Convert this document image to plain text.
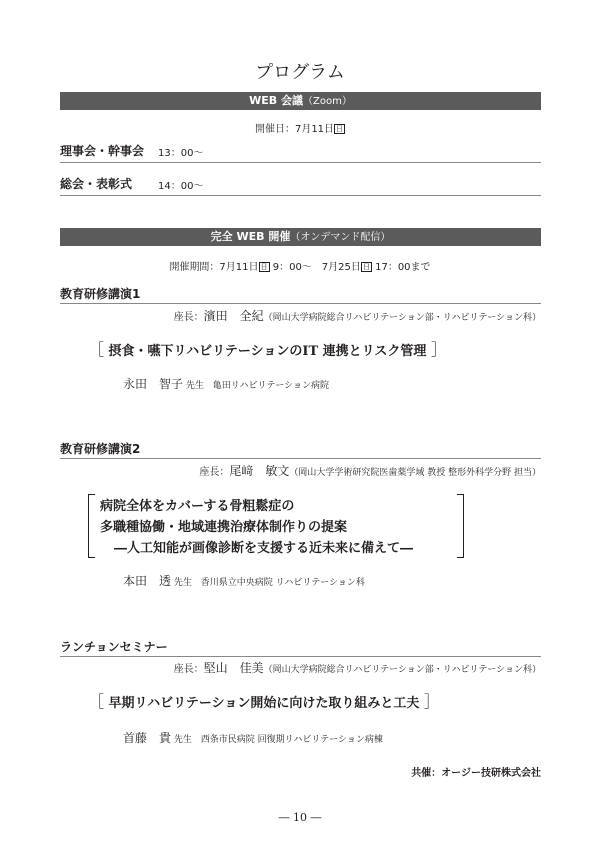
プログラム
WEB 会議（Zoom）
開催日：7月11日 日
理事会・幹事会 13：00〜
総会・表彰式	14：00〜
完全 WEB 開催（オンデマンド配信）
開催期間：7月11日 日 9：00〜　7月25日 日 17：00まで
教育研修講演1
座長：濱田　全紀（岡山大学病院総合リハビリテーション部・リハビリテーション科）
［ 摂食・嚥下リハビリテーションのIT 連携とリスク管理 ］
永田　智子 先生 亀田リハビリテーション病院
教育研修講演2
座長：尾﨑　敏文（岡山大学学術研究院医歯薬学域 教授 整形外科学分野 担当）
病院全体をカバーする骨粗鬆症の
多職種協働・地域連携治療体制作りの提案
―人工知能が画像診断を支援する近未来に備えて―
本田　透 先生 香川県立中央病院 リハビリテーション科
ランチョンセミナー
座長：堅山　佳美（岡山大学病院総合リハビリテーション部・リハビリテーション科）
［ 早期リハビリテーション開始に向けた取り組みと工夫 ］
首藤　貴 先生 西条市民病院 回復期リハビリテーション病棟
共催：オージー技研株式会社
― 10 ―
